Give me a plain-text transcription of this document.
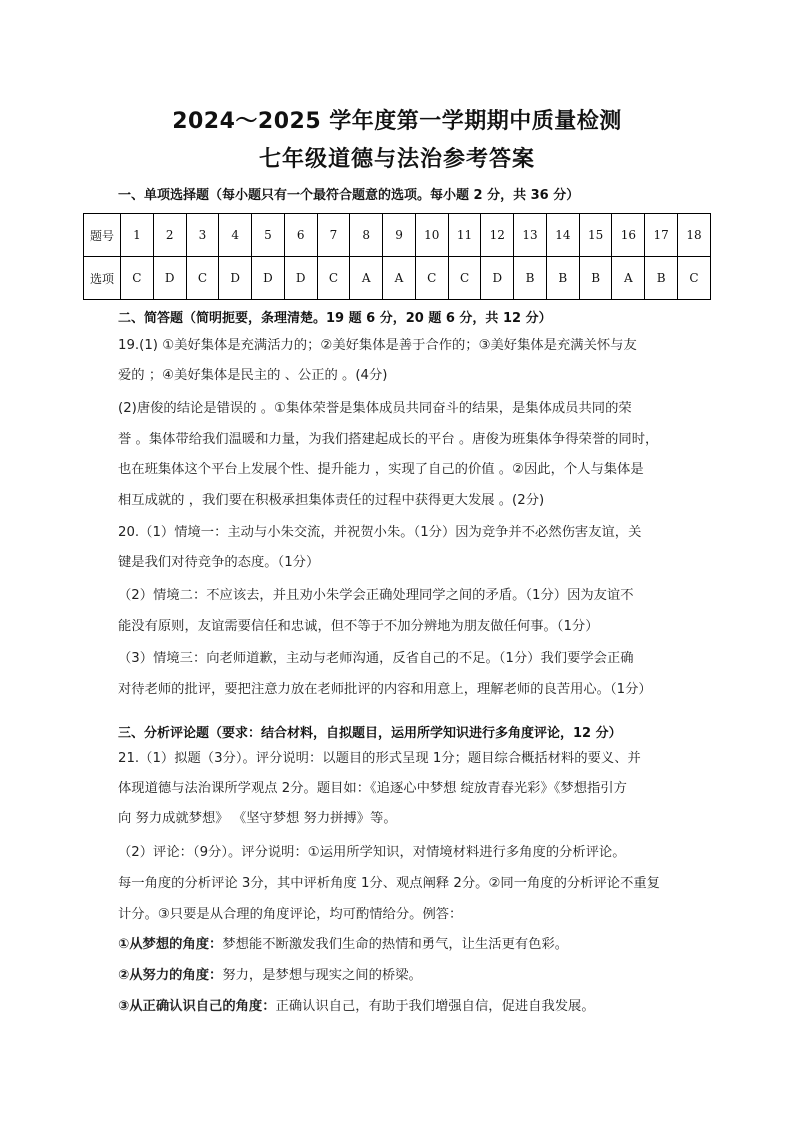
2024～2025 学年度第一学期期中质量检测
七年级道德与法治参考答案
一、单项选择题（每小题只有一个最符合题意的选项。每小题 2 分，共 36 分）
题号	1	2	3	4	5	6	7	8	9	10	11	12	13	14	15	16	17	18
选项	C	D	C	D	D	D	C	A	A	C	C	D	B	B	B	A	B	C
二、简答题（简明扼要，条理清楚。19 题 6 分，20 题 6 分，共 12 分）
19.(1) ①美好集体是充满活力的；②美好集体是善于合作的；③美好集体是充满关怀与友
爱的 ；④美好集体是民主的 、公正的 。(4分)
(2)唐俊的结论是错误的 。①集体荣誉是集体成员共同奋斗的结果，是集体成员共同的荣
誉 。集体带给我们温暖和力量，为我们搭建起成长的平台 。唐俊为班集体争得荣誉的同时，
也在班集体这个平台上发展个性、提升能力 ，实现了自己的价值 。②因此，个人与集体是
相互成就的 ，我们要在积极承担集体责任的过程中获得更大发展 。(2分)
20.（1）情境一：主动与小朱交流，并祝贺小朱。（1分）因为竞争并不必然伤害友谊，关
键是我们对待竞争的态度。（1分）
（2）情境二：不应该去，并且劝小朱学会正确处理同学之间的矛盾。（1分）因为友谊不
能没有原则，友谊需要信任和忠诚，但不等于不加分辨地为朋友做任何事。（1分）
（3）情境三：向老师道歉，主动与老师沟通，反省自己的不足。（1分）我们要学会正确
对待老师的批评，要把注意力放在老师批评的内容和用意上，理解老师的良苦用心。（1分）
三、分析评论题（要求：结合材料，自拟题目，运用所学知识进行多角度评论，12 分）
21.（1）拟题（3分）。评分说明：以题目的形式呈现 1分；题目综合概括材料的要义、并
体现道德与法治课所学观点 2分。题目如：《追逐心中梦想 绽放青春光彩》《梦想指引方
向 努力成就梦想》 《坚守梦想 努力拼搏》等。
（2）评论：（9分）。评分说明：①运用所学知识，对情境材料进行多角度的分析评论。
每一角度的分析评论 3分，其中评析角度 1分、观点阐释 2分。②同一角度的分析评论不重复
计分。③只要是从合理的角度评论，均可酌情给分。例答：
①从梦想的角度：梦想能不断激发我们生命的热情和勇气，让生活更有色彩。
②从努力的角度：努力，是梦想与现实之间的桥梁。
③从正确认识自己的角度：正确认识自己，有助于我们增强自信，促进自我发展。
